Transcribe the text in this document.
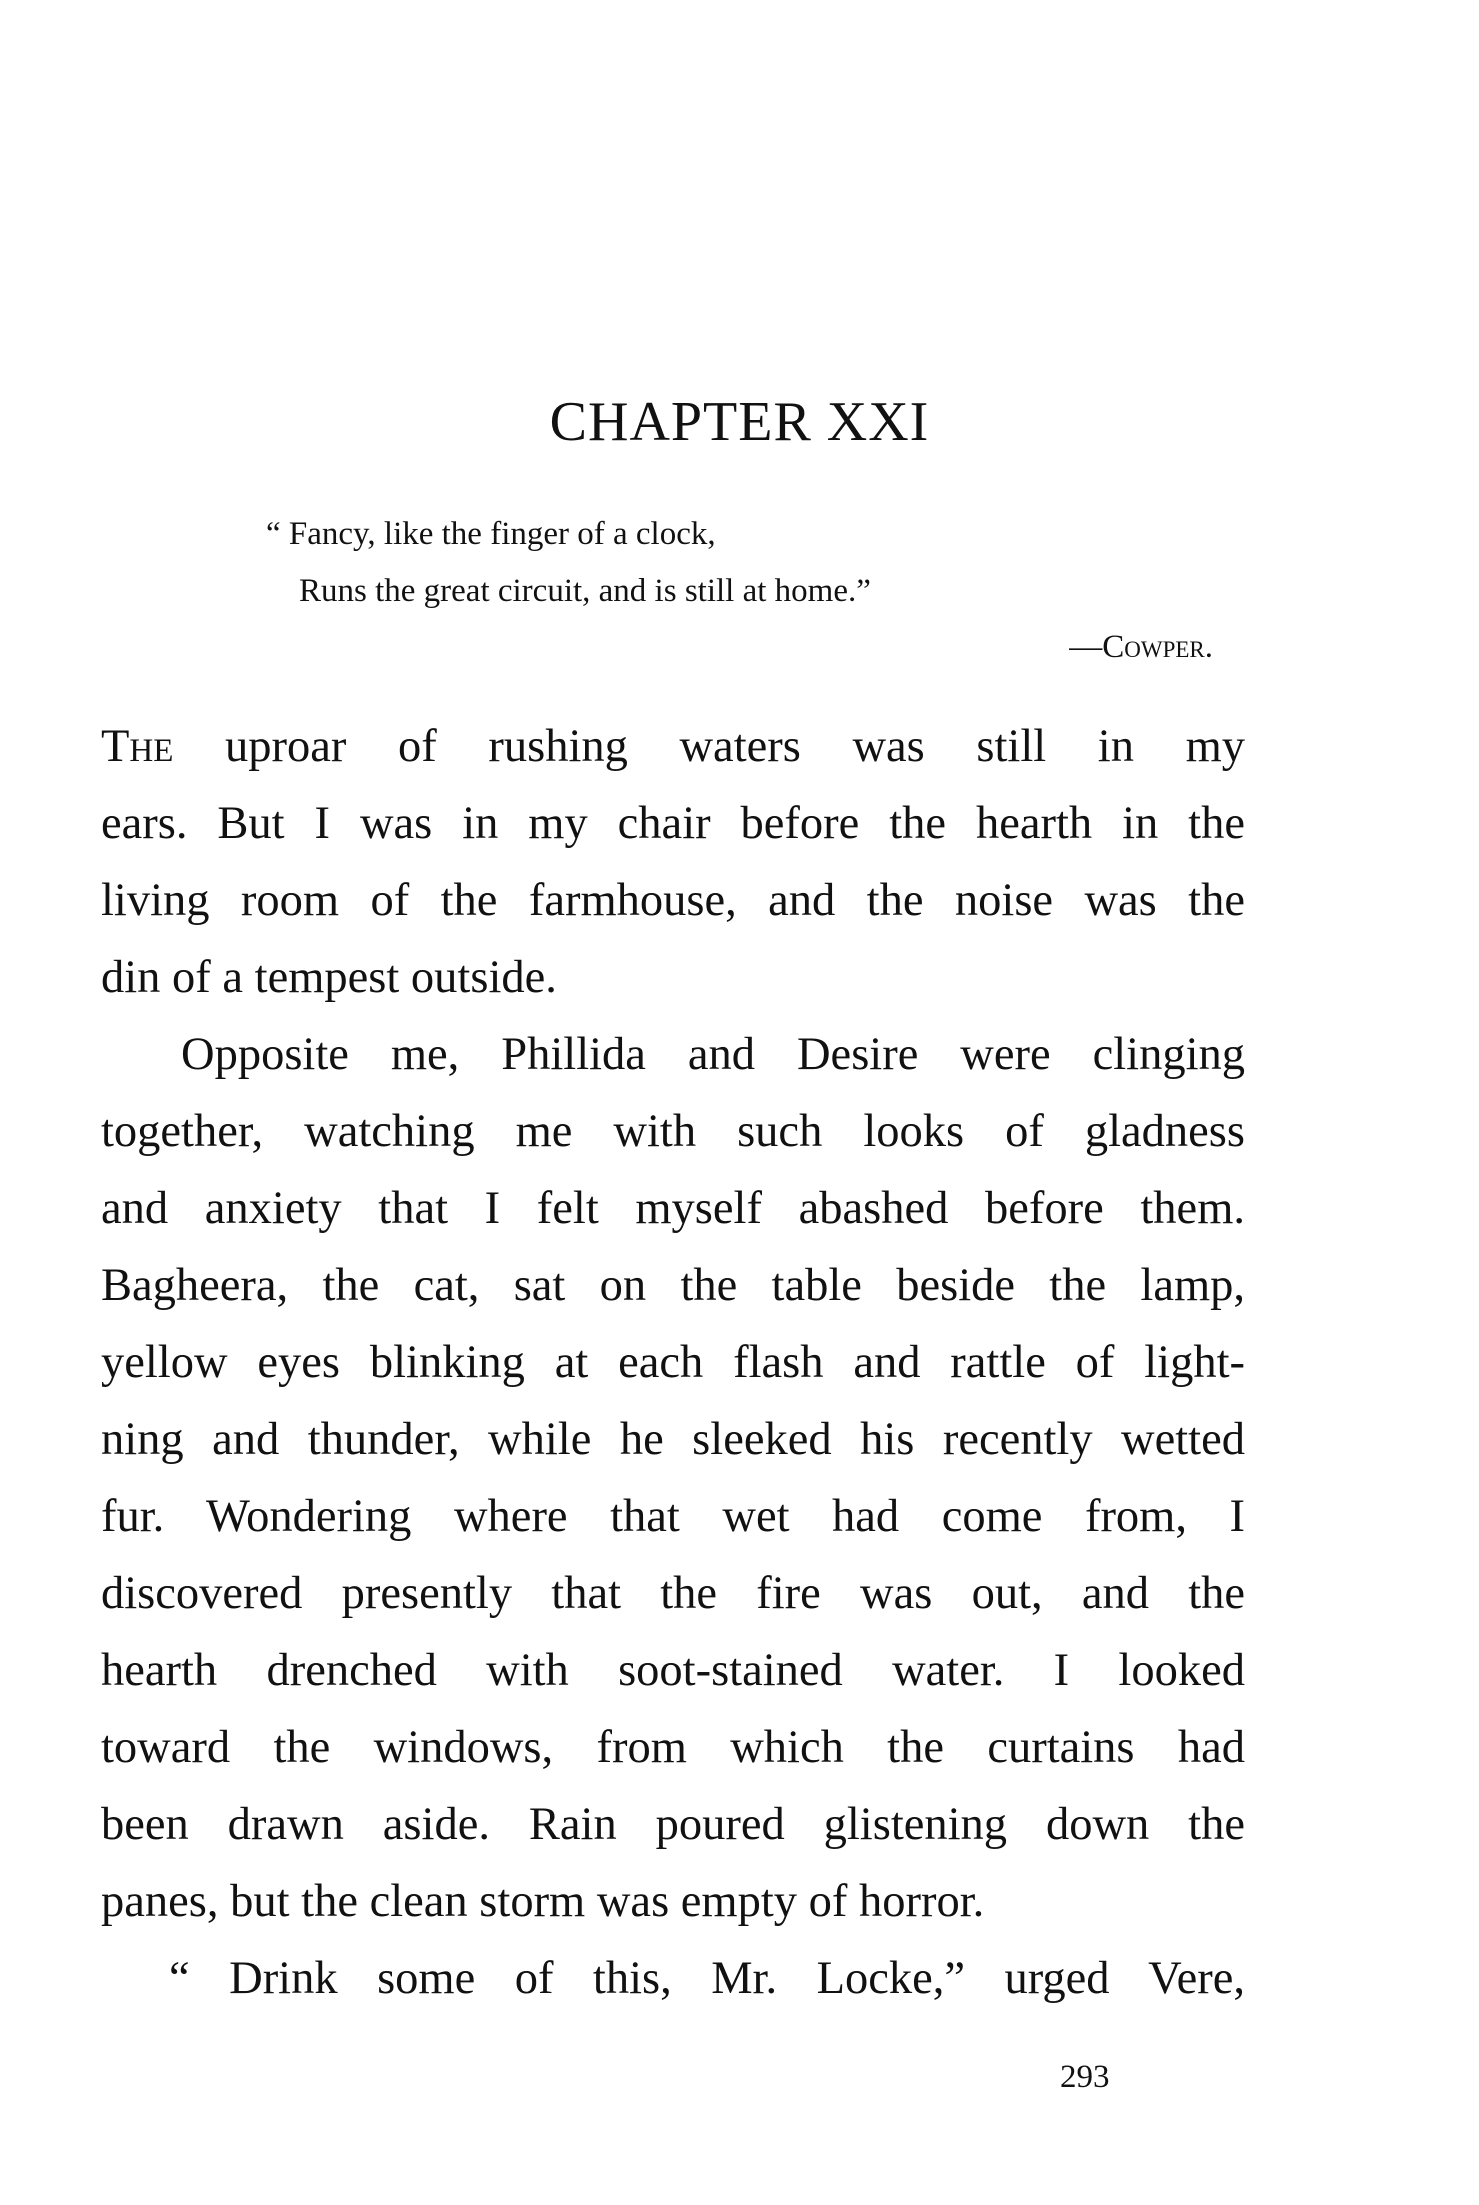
CHAPTER XXI
“ Fancy, like the finger of a clock,
Runs the great circuit, and is still at home.”
—Cowper.
The uproar of rushing waters was still in my
ears. But I was in my chair before the hearth in the
living room of the farmhouse, and the noise was the
din of a tempest outside.
Opposite me, Phillida and Desire were clinging
together, watching me with such looks of gladness
and anxiety that I felt myself abashed before them.
Bagheera, the cat, sat on the table beside the lamp,
yellow eyes blinking at each flash and rattle of light-
ning and thunder, while he sleeked his recently wetted
fur. Wondering where that wet had come from, I
discovered presently that the fire was out, and the
hearth drenched with soot-stained water. I looked
toward the windows, from which the curtains had
been drawn aside. Rain poured glistening down the
panes, but the clean storm was empty of horror.
“ Drink some of this, Mr. Locke,” urged Vere,
293
